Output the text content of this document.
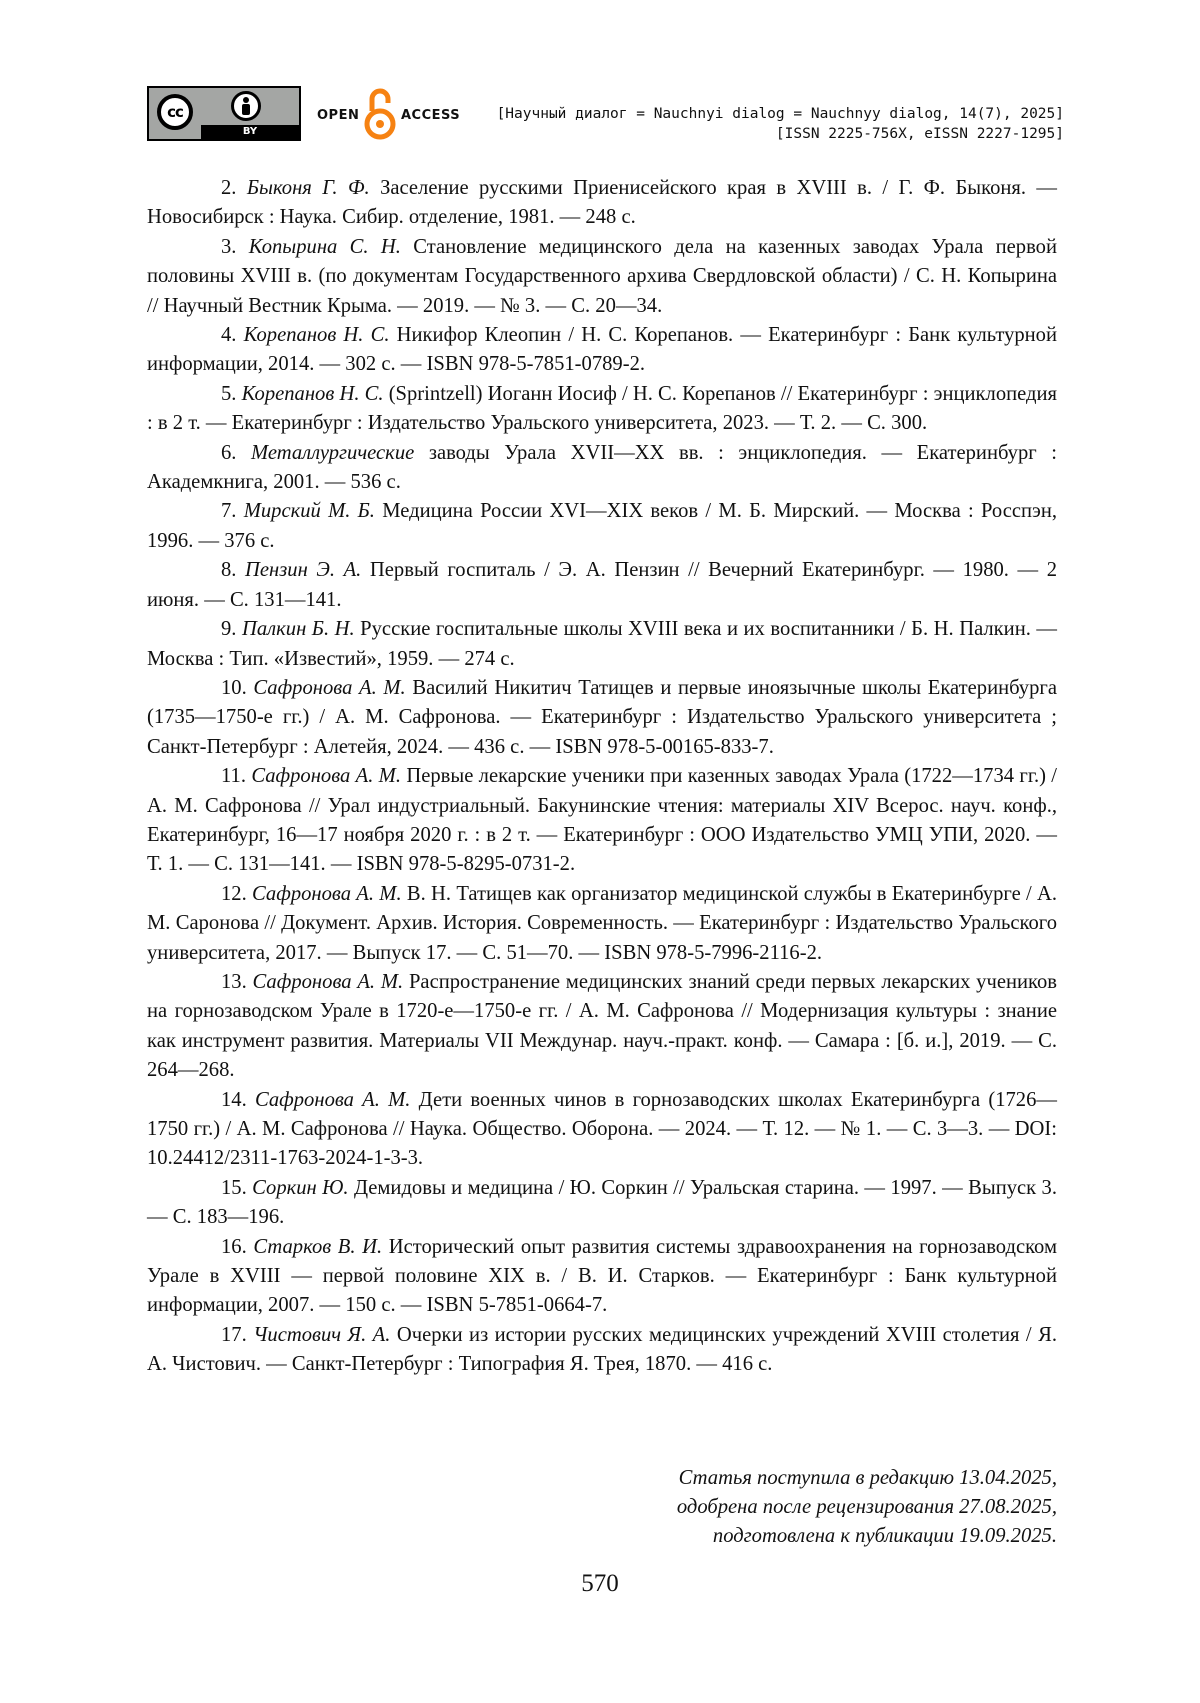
cc
BY
OPEN	ACCESS	[Научный диалог = Nauchnyi dialog = Nauchnyy dialog, 14(7), 2025]
[ISSN 2225-756X, eISSN 2227-1295]

2. Быконя Г. Ф. Заселение русскими Приенисейского края в XVIII в. / Г. Ф. Быконя. — Новосибирск : Наука. Сибир. отделение, 1981. — 248 с.

3. Копырина С. Н. Становление медицинского дела на казенных заводах Урала первой половины XVIII в. (по документам Государственного архива Свердловской области) / С. Н. Копырина // Научный Вестник Крыма. — 2019. — № 3. — С. 20—34.

4. Корепанов Н. С. Никифор Клеопин / Н. С. Корепанов. — Екатеринбург : Банк культурной информации, 2014. — 302 с. — ISBN 978-5-7851-0789-2.

5. Корепанов Н. С. (Sprintzell) Иоганн Иосиф / Н. С. Корепанов // Екатеринбург : энциклопедия : в 2 т. — Екатеринбург : Издательство Уральского университета, 2023. — Т. 2. — С. 300.

6. Металлургические заводы Урала XVII—XX вв. : энциклопедия. — Екатеринбург : Академкнига, 2001. — 536 с.

7. Мирский М. Б. Медицина России XVI—XIX веков / М. Б. Мирский. — Москва : Росспэн, 1996. — 376 с.

8. Пензин Э. А. Первый госпиталь / Э. А. Пензин // Вечерний Екатеринбург. — 1980. — 2 июня. — С. 131—141.

9. Палкин Б. Н. Русские госпитальные школы XVIII века и их воспитанники / Б. Н. Палкин. — Москва : Тип. «Известий», 1959. — 274 с.

10. Сафронова А. М. Василий Никитич Татищев и первые иноязычные школы Екатеринбурга (1735—1750-е гг.) / А. М. Сафронова. — Екатеринбург : Издательство Уральского университета ; Санкт-Петербург : Алетейя, 2024. — 436 с. — ISBN 978-5-00165-833-7.

11. Сафронова А. М. Первые лекарские ученики при казенных заводах Урала (1722—1734 гг.) / А. М. Сафронова // Урал индустриальный. Бакунинские чтения: материалы XIV Всерос. науч. конф., Екатеринбург, 16—17 ноября 2020 г. : в 2 т. — Екатеринбург : ООО Издательство УМЦ УПИ, 2020. — Т. 1. — С. 131—141. — ISBN 978-5-8295-0731-2.

12. Сафронова А. М. В. Н. Татищев как организатор медицинской службы в Екатеринбурге / А. М. Саронова // Документ. Архив. История. Современность. — Екатеринбург : Издательство Уральского университета, 2017. — Выпуск 17. — С. 51—70. — ISBN 978-5-7996-2116-2.

13. Сафронова А. М. Распространение медицинских знаний среди первых лекарских учеников на горнозаводском Урале в 1720-е—1750-е гг. / А. М. Сафронова // Модернизация культуры : знание как инструмент развития. Материалы VII Междунар. науч.-практ. конф. — Самара : [б. и.], 2019. — С. 264—268.

14. Сафронова А. М. Дети военных чинов в горнозаводских школах Екатеринбурга (1726—1750 гг.) / А. М. Сафронова // Наука. Общество. Оборона. — 2024. — Т. 12. — № 1. — С. 3—3. — DOI: 10.24412/2311-1763-2024-1-3-3.

15. Соркин Ю. Демидовы и медицина / Ю. Соркин // Уральская старина. — 1997. — Выпуск 3. — С. 183—196.

16. Старков В. И. Исторический опыт развития системы здравоохранения на горнозаводском Урале в XVIII — первой половине XIX в. / В. И. Старков. — Екатеринбург : Банк культурной информации, 2007. — 150 с. — ISBN 5-7851-0664-7.

17. Чистович Я. А. Очерки из истории русских медицинских учреждений XVIII столетия / Я. А. Чистович. — Санкт-Петербург : Типография Я. Трея, 1870. — 416 с.

Статья поступила в редакцию 13.04.2025,
одобрена после рецензирования 27.08.2025,
подготовлена к публикации 19.09.2025.
570
